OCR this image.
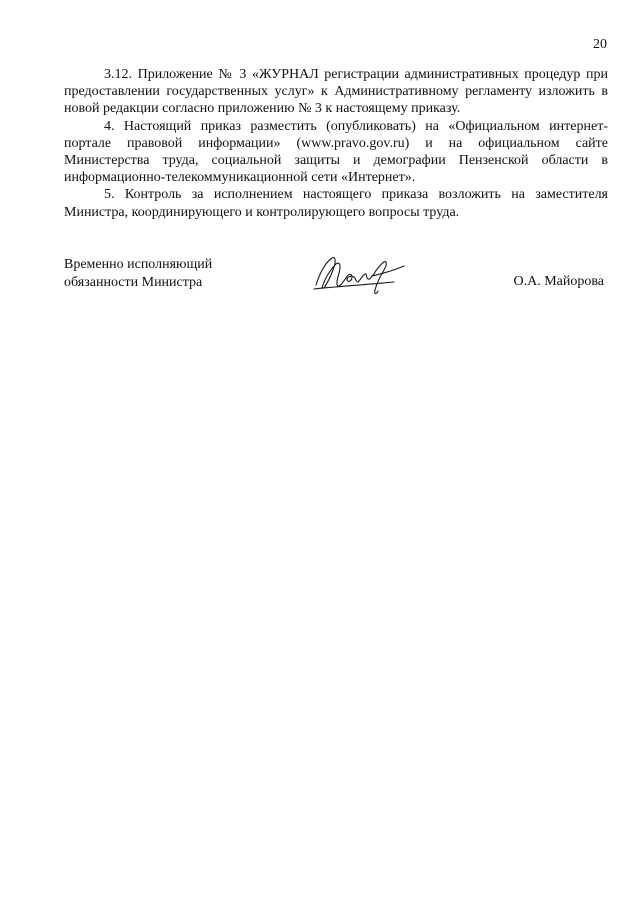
20

3.12. Приложение № 3 «ЖУРНАЛ регистрации административных процедур при предоставлении государственных услуг» к Административному регламенту изложить в новой редакции согласно приложению № 3 к настоящему приказу.

4. Настоящий приказ разместить (опубликовать) на «Официальном интернет-портале правовой информации» (www.pravo.gov.ru) и на официальном сайте Министерства труда, социальной защиты и демографии Пензенской области в информационно-телекоммуникационной сети «Интернет».

5. Контроль за исполнением настоящего приказа возложить на заместителя Министра, координирующего и контролирующего вопросы труда.

Временно исполняющий
обязанности Министра	О.А. Майорова
